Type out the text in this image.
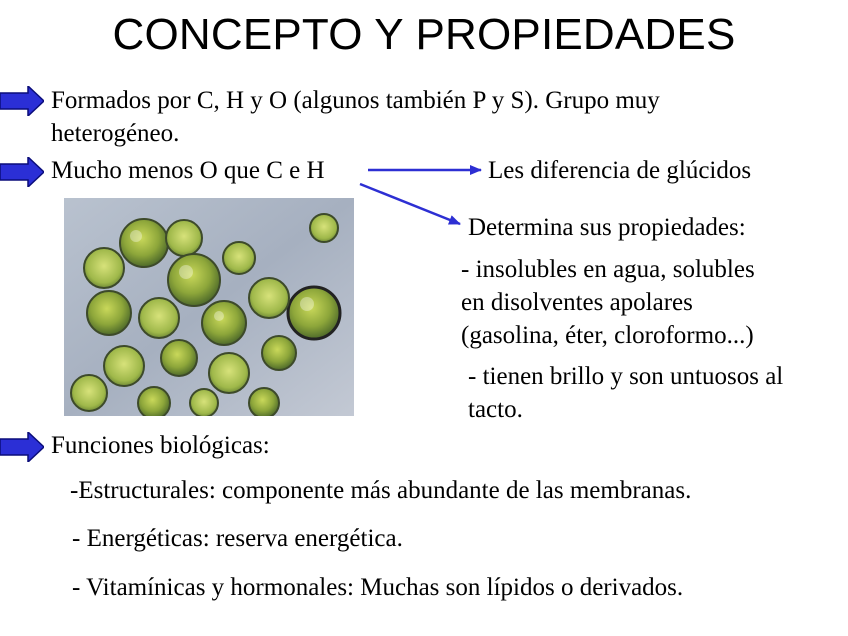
CONCEPTO Y PROPIEDADES
Formados por C, H y O (algunos también P y S). Grupo muy
heterogéneo.
Mucho menos O que C e H	Les diferencia de glúcidos
Determina sus propiedades:
- insolubles en agua, solubles
en disolventes apolares
(gasolina, éter, cloroformo...)
- tienen brillo y son untuosos al
tacto.
Funciones biológicas:
-Estructurales: componente más abundante de las membranas.
- Energéticas: reserva energética.
- Vitamínicas y hormonales: Muchas son lípidos o derivados.
